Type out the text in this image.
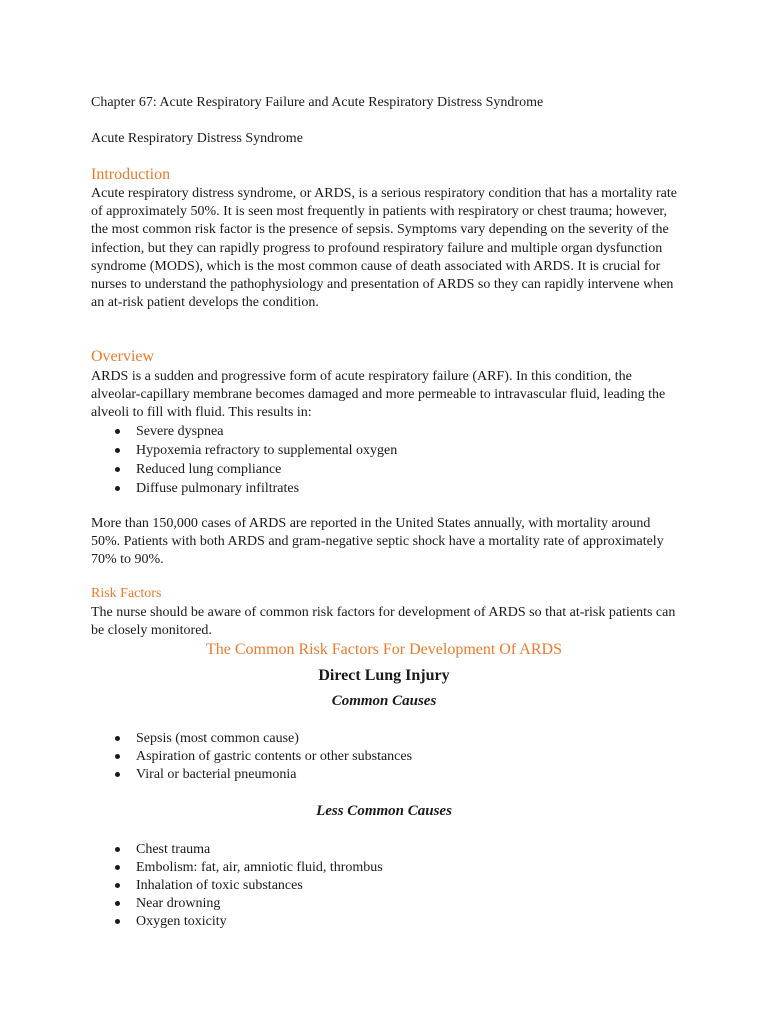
Chapter 67: Acute Respiratory Failure and Acute Respiratory Distress Syndrome
Acute Respiratory Distress Syndrome
Introduction
Acute respiratory distress syndrome, or ARDS, is a serious respiratory condition that has a mortality rate of approximately 50%. It is seen most frequently in patients with respiratory or chest trauma; however, the most common risk factor is the presence of sepsis. Symptoms vary depending on the severity of the infection, but they can rapidly progress to profound respiratory failure and multiple organ dysfunction syndrome (MODS), which is the most common cause of death associated with ARDS. It is crucial for nurses to understand the pathophysiology and presentation of ARDS so they can rapidly intervene when an at-risk patient develops the condition.
Overview
ARDS is a sudden and progressive form of acute respiratory failure (ARF). In this condition, the alveolar-capillary membrane becomes damaged and more permeable to intravascular fluid, leading the alveoli to fill with fluid. This results in:
Severe dyspnea
Hypoxemia refractory to supplemental oxygen
Reduced lung compliance
Diffuse pulmonary infiltrates
More than 150,000 cases of ARDS are reported in the United States annually, with mortality around 50%. Patients with both ARDS and gram-negative septic shock have a mortality rate of approximately 70% to 90%.
Risk Factors
The nurse should be aware of common risk factors for development of ARDS so that at-risk patients can be closely monitored.
The Common Risk Factors For Development Of ARDS
Direct Lung Injury
Common Causes
Sepsis (most common cause)
Aspiration of gastric contents or other substances
Viral or bacterial pneumonia
Less Common Causes
Chest trauma
Embolism: fat, air, amniotic fluid, thrombus
Inhalation of toxic substances
Near drowning
Oxygen toxicity
